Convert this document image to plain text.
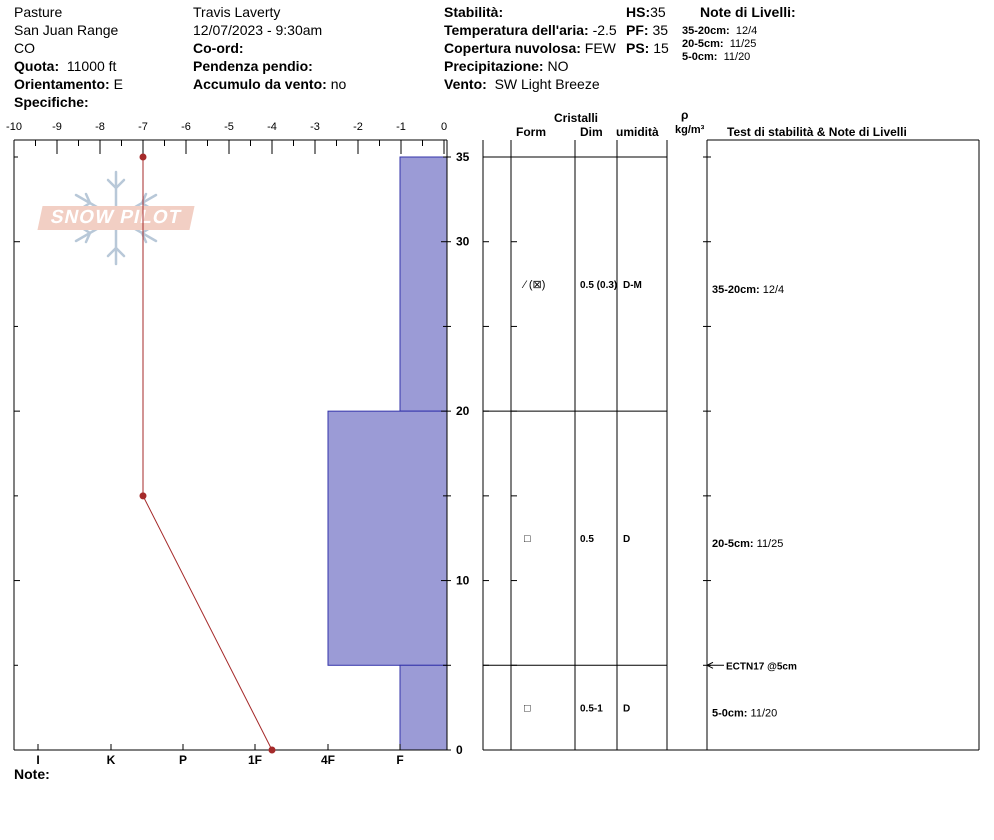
Pasture
San Juan Range
CO
Quota: 11000 ft
Orientamento: E
Specifiche:
Travis Laverty
12/07/2023 - 9:30am
Co-ord:
Pendenza pendio:
Accumulo da vento: no
Stabilità:
Temperatura dell'aria: -2.5
Copertura nuvolosa: FEW
Precipitazione: NO
Vento: SW Light Breeze
HS:35
PF: 35
PS: 15
Note di Livelli:
35-20cm: 12/4
20-5cm: 11/25
5-0cm: 11/20
Cristalli
Form	Dim umidità
ρ
kg/m³ Test di stabilità & Note di Livelli
Note:
SNOW PILOT
-10	-9	-8	-7	-6	-5	-4	-3	-2	-1	0
0
10
20
30
35
I	K	P	1F	4F	F
⁄ (⊠)	0.5 (0.3) D-M	35-20cm: 12/4
□	0.5	D	20-5cm: 11/25
□	0.5-1 D	5-0cm: 11/20
ECTN17 @5cm
